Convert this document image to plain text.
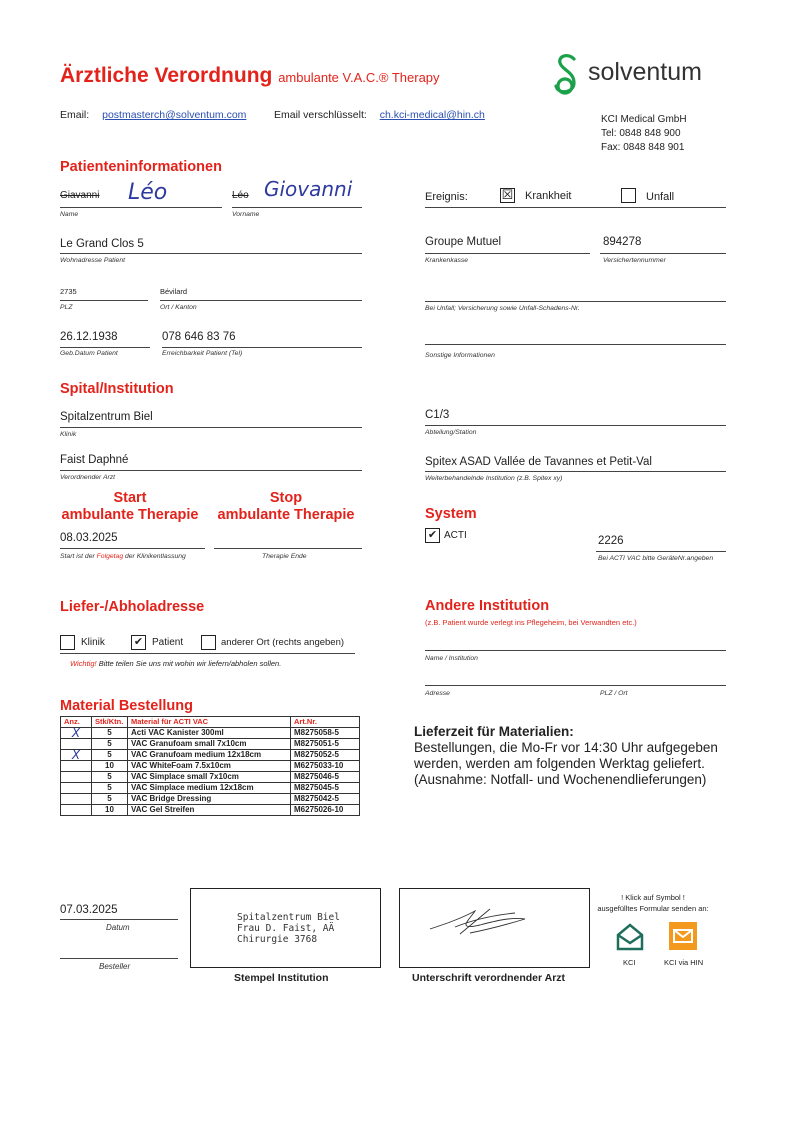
Ärztliche Verordnung ambulante V.A.C.® Therapy	solventum
Email: postmasterch@solventum.com	Email verschlüsselt: ch.kci-medical@hin.ch	KCI Medical GmbH
Tel: 0848 848 900
Fax: 0848 848 901
Patienteninformationen
Giavanni Léo
Name
Léo Giovanni
Vorname
Le Grand Clos 5
Wohnadresse Patient
2735
PLZ
Bévilard
Ort / Kanton
26.12.1938
Geb.Datum Patient
078 646 83 76
Erreichbarkeit Patient (Tel)
Ereignis:	☒ Krankheit	Unfall
Groupe Mutuel
Krankenkasse
894278
Versichertennummer
Bei Unfall; Versicherung sowie Unfall-Schadens-Nr.
Sonstige Informationen
Spital/Institution
Spitalzentrum Biel
Klinik
C1/3
Abteilung/Station
Faist Daphné
Verordnender Arzt
Spitex ASAD Vallée de Tavannes et Petit-Val
Weiterbehandelnde Institution (z.B. Spitex xy)
Start
ambulante Therapie
Stop
ambulante Therapie
08.03.2025
Start ist der Folgetag der Klinikentlassung	Therapie Ende
System
✔ ACTI	2226
Bei ACTI VAC bitte GeräteNr.angeben
Liefer-/Abholadresse
Klinik	✔ Patient	anderer Ort (rechts angeben)
Wichtig! Bitte teilen Sie uns mit wohin wir liefern/abholen sollen.
Andere Institution
(z.B. Patient wurde verlegt ins Pflegeheim, bei Verwandten etc.)
Name / Institution
Adresse	PLZ / Ort
Material Bestellung
Anz.	Stk/Ktn.	Material für ACTI VAC	Art.Nr.
X	5	Acti VAC Kanister 300ml	M8275058-5
	5	VAC Granufoam small 7x10cm	M8275051-5
X	5	VAC Granufoam medium 12x18cm	M8275052-5
	10	VAC WhiteFoam 7.5x10cm	M6275033-10
	5	VAC Simplace small 7x10cm	M8275046-5
	5	VAC Simplace medium 12x18cm	M8275045-5
	5	VAC Bridge Dressing	M8275042-5
	10	VAC Gel Streifen	M6275026-10
Lieferzeit für Materialien:
Bestellungen, die Mo-Fr vor 14:30 Uhr aufgegeben
werden, werden am folgenden Werktag geliefert.
(Ausnahme: Notfall- und Wochenendlieferungen)
07.03.2025
Datum
Besteller
Spitalzentrum Biel
Frau D. Faist, AÄ
Chirurgie 3768
Stempel Institution	Unterschrift verordnender Arzt
! Klick auf Symbol !
ausgefülltes Formular senden an:
KCI	KCI via HIN
